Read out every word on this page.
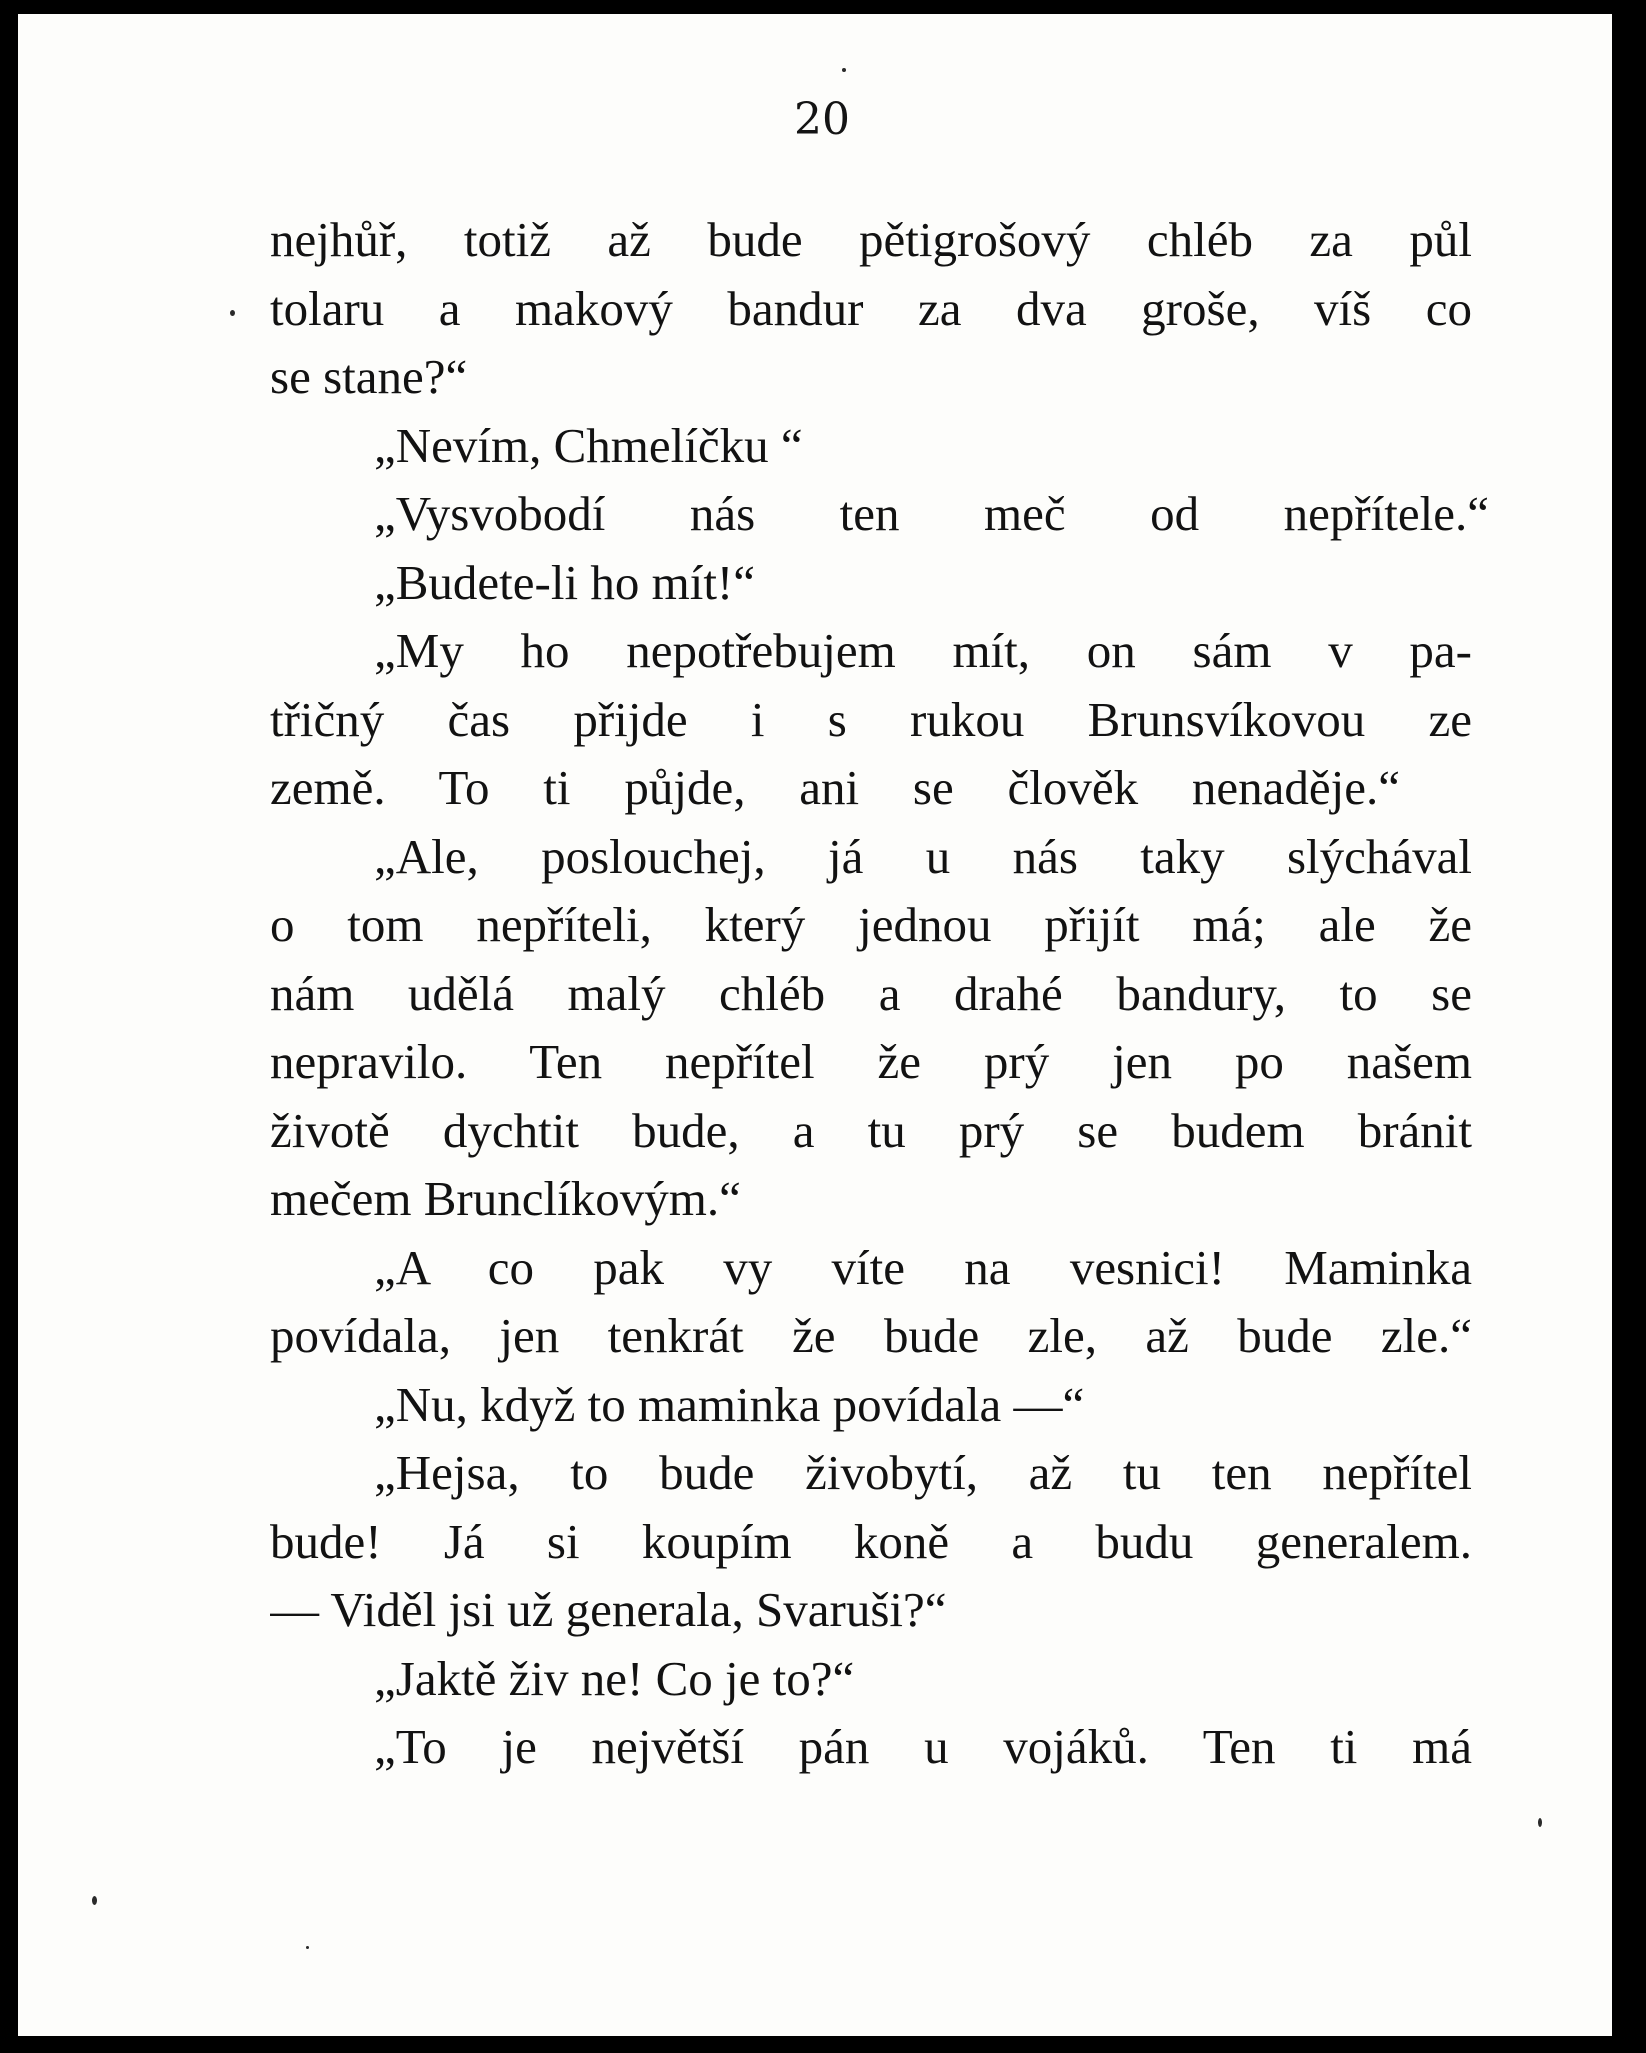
20
nejhůř, totiž až bude pětigrošový chléb za půl
tolaru a makový bandur za dva groše, víš co
se stane?“
„Nevím, Chmelíčku “
„Vysvobodí nás ten meč od nepřítele.“
„Budete-li ho mít!“
„My ho nepotřebujem mít, on sám v pa-
třičný čas přijde i s rukou Brunsvíkovou ze
země. To ti půjde, ani se člověk nenaděje.“
„Ale, poslouchej, já u nás taky slýchával
o tom nepříteli, který jednou přijít má; ale že
nám udělá malý chléb a drahé bandury, to se
nepravilo. Ten nepřítel že prý jen po našem
životě dychtit bude, a tu prý se budem bránit
mečem Brunclíkovým.“
„A co pak vy víte na vesnici! Maminka
povídala, jen tenkrát že bude zle, až bude zle.“
„Nu, když to maminka povídala —“
„Hejsa, to bude živobytí, až tu ten nepřítel
bude! Já si koupím koně a budu generalem.
— Viděl jsi už generala, Svaruši?“
„Jaktě živ ne! Co je to?“
„To je největší pán u vojáků. Ten ti má
